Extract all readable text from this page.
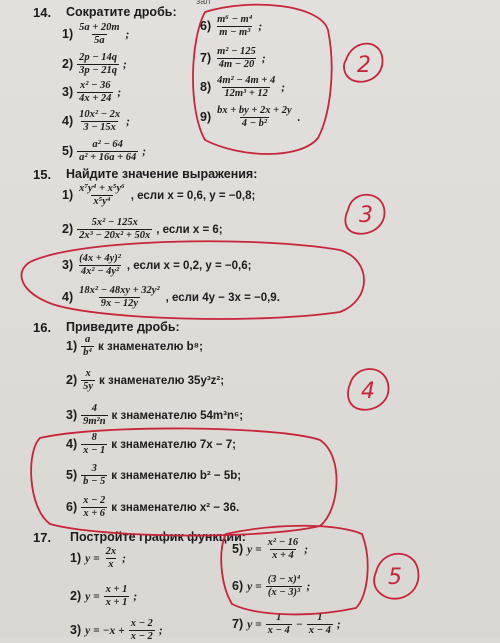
зал
14. Сократите дробь:
$1) \frac{5a + 20m}{5a}$ ;
$2) \frac{2p - 14q}{3p - 21q}$ ;
$3) \frac{\text{x² − 36}}{4x + 24}$ ;
$4) \frac{\text{10x² − 2x}}{3 - 15x}$ ;
$5) \frac{\text{a² − 64}}{\text{a² + 16a + 64}}$ ;
$6) \frac{\text{m⁶ − m⁴}}{\text{m − m³}}$ ;
$7) \frac{\text{m² − 125}}{4m - 20}$ ;
$8) \frac{\text{4m² − 4m + 4}}{\text{12m³ + 12}}$ ;
$9) \frac{bx + by + 2x + 2y}{\text{4 − b²}}$ .
15. Найдите значение выражения:
$1) \frac{\text{x⁷y⁴ + x⁵y⁶}}{\text{x⁵y⁴}}$ , если x = 0,6, y = −0,8;
$2) \frac{\text{5x² − 125x}}{\text{2x³ − 20x² + 50x}}$ , если x = 6;
$3) \frac{\text{(4x + 4y)²}}{\text{4x² − 4y²}}$ , если x = 0,2, y = −0,6;
$4) \frac{\text{18x² − 48xy + 32y²}}{9x - 12y}$ , если 4y − 3x = −0,9.
16. Приведите дробь:
$1) \frac{a}{\text{b⁴}}$ к знаменателю b⁸;
$2) \frac{x}{5y}$ к знаменателю 35y³z²;
$3) \frac{4}{\text{9m²n}}$ к знаменателю 54m³n⁶;
$4) \frac{8}{x - 1}$ к знаменателю 7x − 7;
$5) \frac{3}{b - 5}$ к знаменателю b² − 5b;
$6) \frac{x - 2}{x + 6}$ к знаменателю x² − 36.
17. Постройте график функции:
1) $y = \frac{2x}{x}$ ;
2) $y = \frac{x + 1}{x + 1}$ ;
3) $y = -x + \frac{x - 2}{x - 2}$ ;
5) $y = \frac{\text{x² − 16}}{x + 4}$ ;
6) $y = \frac{\text{(3 − x)⁴}}{\text{(x − 3)³}}$ ;
7) $y = \frac{1}{x - 4} - \frac{1}{x - 4}$ ;
2
3
4
5
